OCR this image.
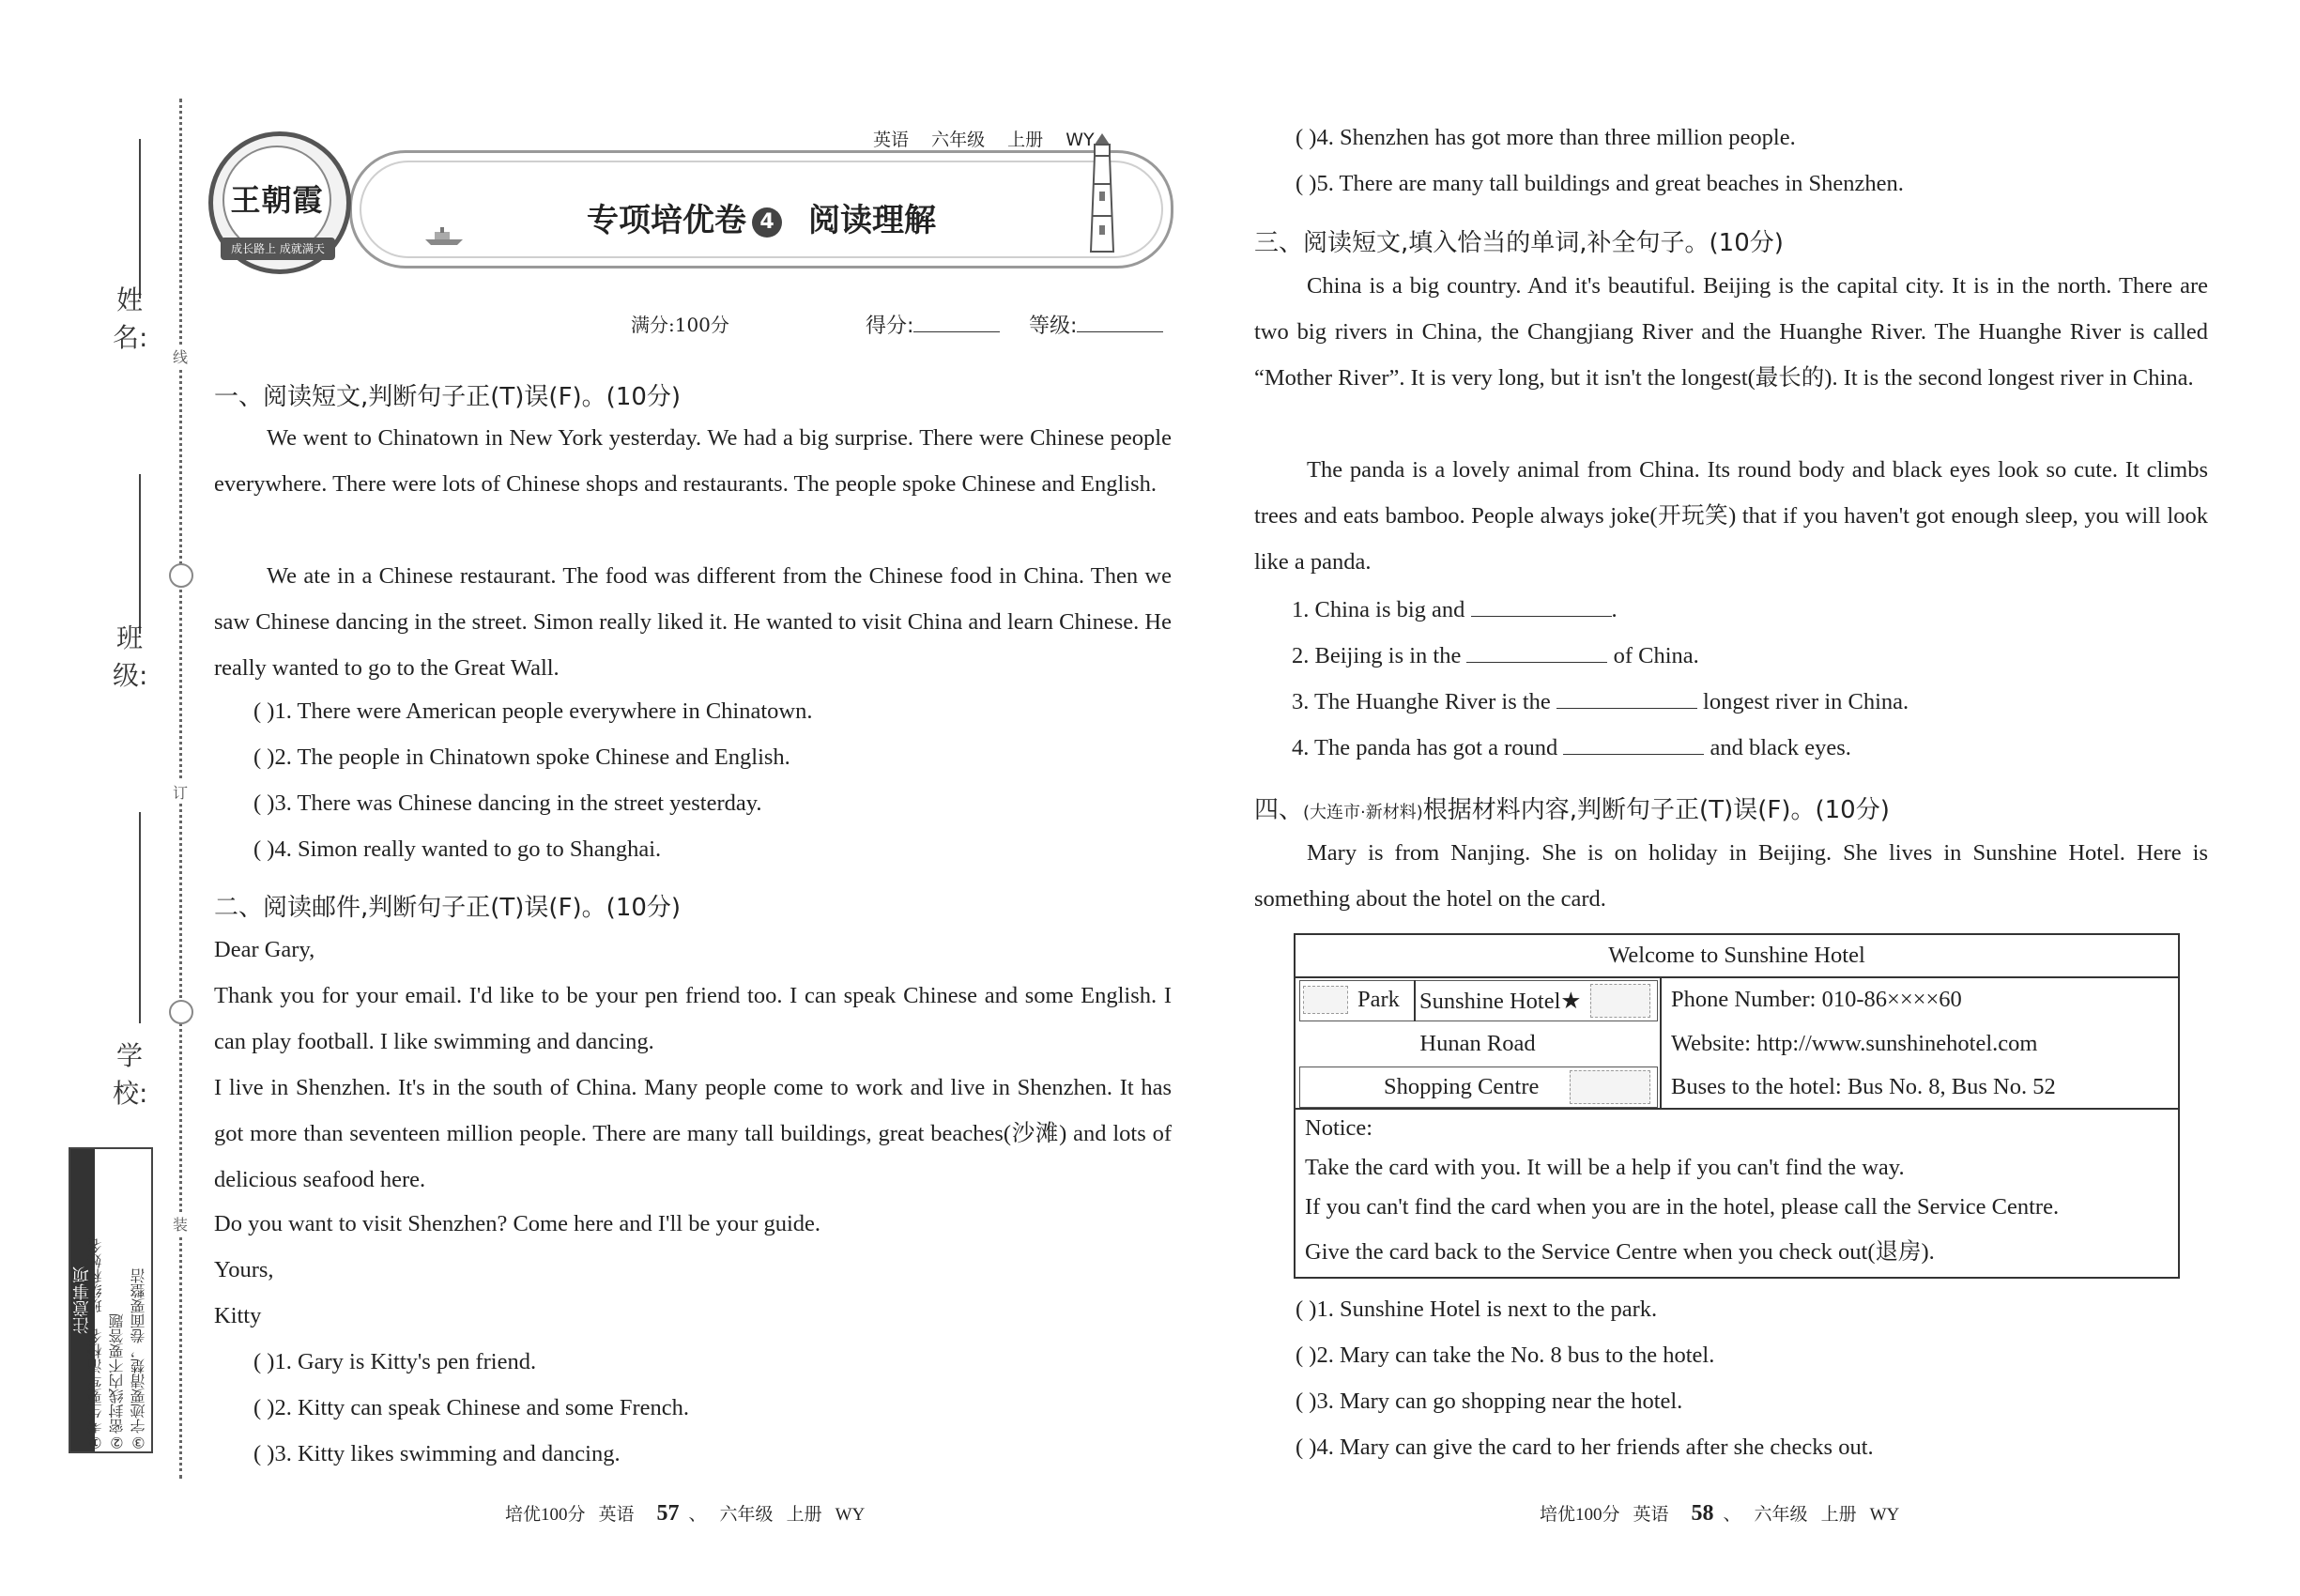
姓 名:
班 级:
学 校:
线
订
装
注意事项
①考生要写清校名、班级和姓名 ②密封线内不要答题 ③字迹要清楚，卷面要整洁
专项培优卷 4 阅读理解
王朝霞
成长路上 成就满天
英语 六年级 上册 WY
满分:100分	得分:	等级:
一、阅读短文,判断句子正(T)误(F)。(10分)
We went to Chinatown in New York yesterday. We had a big surprise. There were Chinese people everywhere. There were lots of Chinese shops and restaurants. The people spoke Chinese and English.
We ate in a Chinese restaurant. The food was different from the Chinese food in China. Then we saw Chinese dancing in the street. Simon really liked it. He wanted to visit China and learn Chinese. He really wanted to go to the Great Wall.
( )1. There were American people everywhere in Chinatown.
( )2. The people in Chinatown spoke Chinese and English.
( )3. There was Chinese dancing in the street yesterday.
( )4. Simon really wanted to go to Shanghai.
二、阅读邮件,判断句子正(T)误(F)。(10分)
Dear Gary,
Thank you for your email. I'd like to be your pen friend too. I can speak Chinese and some English. I can play football. I like swimming and dancing.
I live in Shenzhen. It's in the south of China. Many people come to work and live in Shenzhen. It has got more than seventeen million people. There are many tall buildings, great beaches(沙滩) and lots of delicious seafood here.
Do you want to visit Shenzhen? Come here and I'll be your guide.
Yours,
Kitty
( )1. Gary is Kitty's pen friend.
( )2. Kitty can speak Chinese and some French.
( )3. Kitty likes swimming and dancing.
培优100分 英语 57 、 六年级 上册 WY
( )4. Shenzhen has got more than three million people.
( )5. There are many tall buildings and great beaches in Shenzhen.
三、阅读短文,填入恰当的单词,补全句子。(10分)
China is a big country. And it's beautiful. Beijing is the capital city. It is in the north. There are two big rivers in China, the Changjiang River and the Huanghe River. The Huanghe River is called “Mother River”. It is very long, but it isn't the longest(最长的). It is the second longest river in China.
The panda is a lovely animal from China. Its round body and black eyes look so cute. It climbs trees and eats bamboo. People always joke(开玩笑) that if you haven't got enough sleep, you will look like a panda.
1. China is big and	.
2. Beijing is in the	of China.
3. The Huanghe River is the	longest river in China.
4. The panda has got a round	and black eyes.
四、(大连市·新材料)根据材料内容,判断句子正(T)误(F)。(10分)
Mary is from Nanjing. She is on holiday in Beijing. She lives in Sunshine Hotel. Here is something about the hotel on the card.
Welcome to Sunshine Hotel
Park Sunshine Hotel★
Hunan Road
Shopping Centre
Phone Number: 010-86××××60
Website: http://www.sunshinehotel.com
Buses to the hotel: Bus No. 8, Bus No. 52
Notice:
Take the card with you. It will be a help if you can't find the way.
If you can't find the card when you are in the hotel, please call the Service Centre.
Give the card back to the Service Centre when you check out(退房).
( )1. Sunshine Hotel is next to the park.
( )2. Mary can take the No. 8 bus to the hotel.
( )3. Mary can go shopping near the hotel.
( )4. Mary can give the card to her friends after she checks out.
培优100分 英语 58 、 六年级 上册 WY
